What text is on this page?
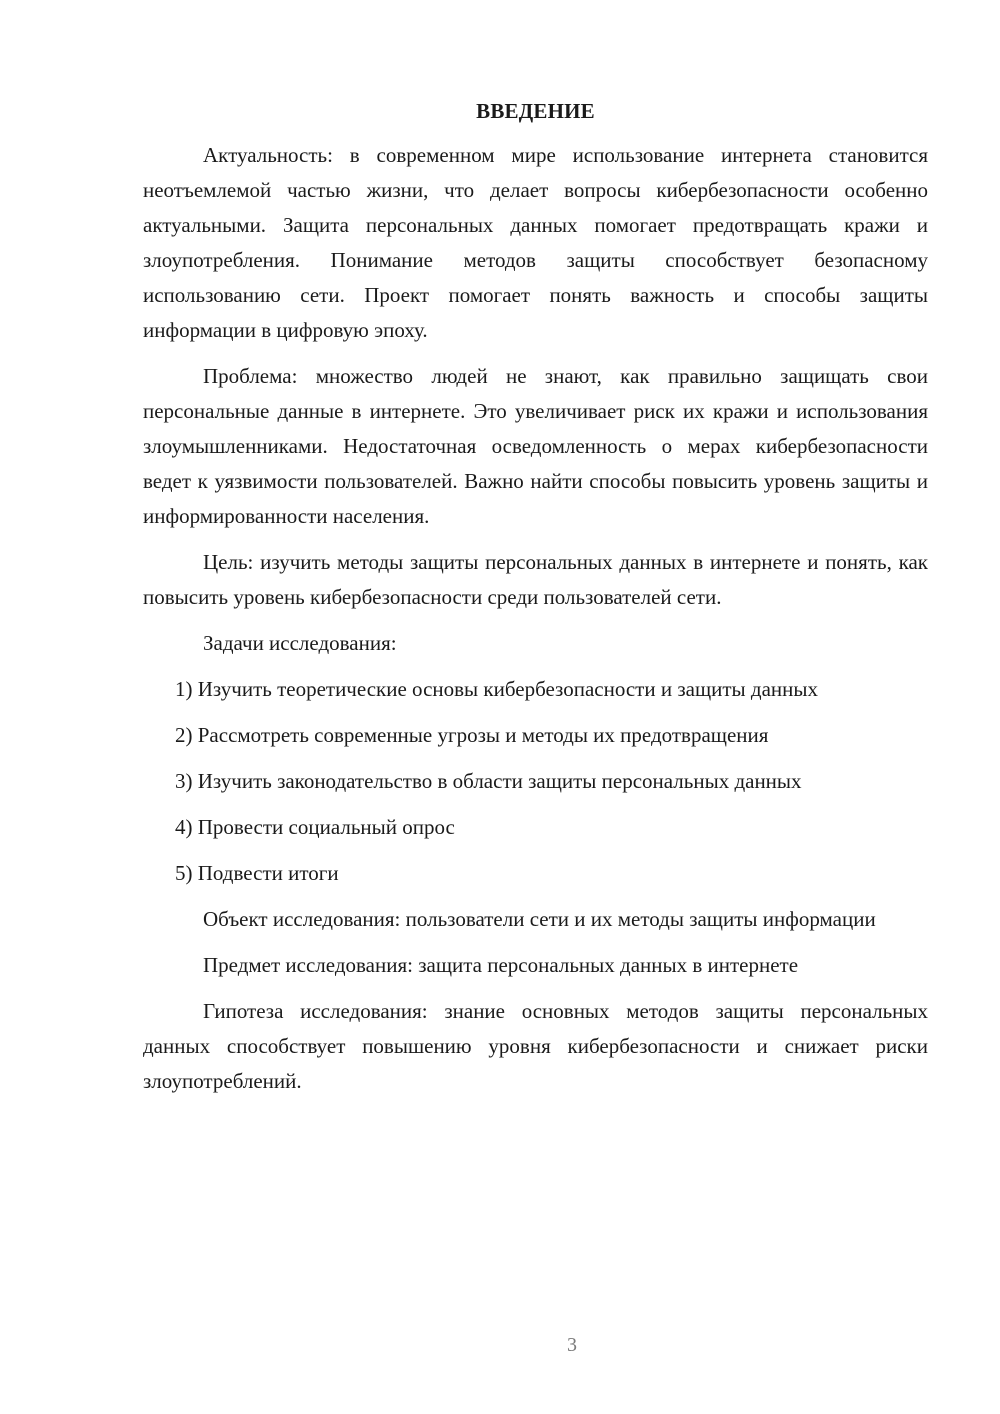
ВВЕДЕНИЕ

Актуальность: в современном мире использование интернета становится неотъемлемой частью жизни, что делает вопросы кибербезопасности особенно актуальными. Защита персональных данных помогает предотвращать кражи и злоупотребления. Понимание методов защиты способствует безопасному использованию сети. Проект помогает понять важность и способы защиты информации в цифровую эпоху.

Проблема: множество людей не знают, как правильно защищать свои персональные данные в интернете. Это увеличивает риск их кражи и использования злоумышленниками. Недостаточная осведомленность о мерах кибербезопасности ведет к уязвимости пользователей. Важно найти способы повысить уровень защиты и информированности населения.

Цель: изучить методы защиты персональных данных в интернете и понять, как повысить уровень кибербезопасности среди пользователей сети.

Задачи исследования:

1) Изучить теоретические основы кибербезопасности и защиты данных

2) Рассмотреть современные угрозы и методы их предотвращения

3) Изучить законодательство в области защиты персональных данных

4) Провести социальный опрос

5) Подвести итоги

Объект исследования: пользователи сети и их методы защиты информации

Предмет исследования: защита персональных данных в интернете

Гипотеза исследования: знание основных методов защиты персональных данных способствует повышению уровня кибербезопасности и снижает риски злоупотреблений.

3
